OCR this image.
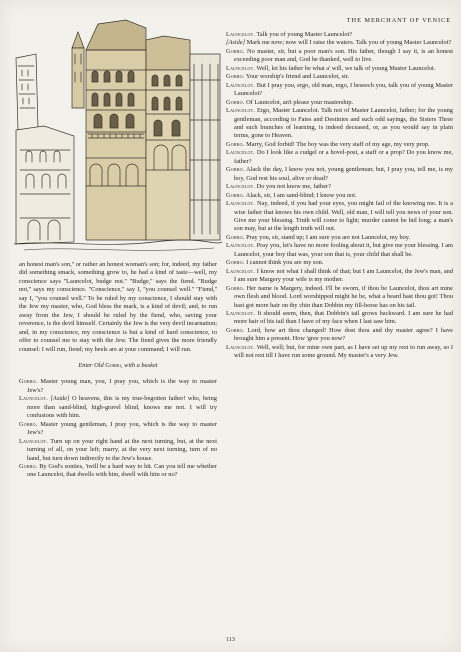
THE MERCHANT OF VENICE

an honest man's son,'' or rather an honest woman's son; for, indeed, my father did something smack, something grow to, he had a kind of taste—well, my conscience says ''Launcelot, budge not.'' ''Budge,'' says the fiend. ''Budge not,'' says my conscience. ''Conscience,'' say I, ''you counsel well.'' ''Fiend,'' say I, ''you counsel well.'' To be ruled by my conscience, I should stay with the Jew my master, who, God bless the mark, is a kind of devil; and, to run away from the Jew, I should be ruled by the fiend, who, saving your reverence, is the devil himself. Certainly the Jew is the very devil incarnation; and, in my conscience, my conscience is but a kind of hard conscience, to offer to counsel me to stay with the Jew. The fiend gives the more friendly counsel: I will run, fiend; my heels are at your command; I will run.

Enter Old Gobbo, with a basket

Gobbo. Master young man, you, I pray you, which is the way to master Jew's?

Launcelot. [Aside] O heavens, this is my true-begotten father! who, being more than sand-blind, high-gravel blind, knows me not. I will try confusions with him.

Gobbo. Master young gentleman, I pray you, which is the way to master Jew's?

Launcelot. Turn up on your right hand at the next turning, but, at the next turning of all, on your left; marry, at the very next turning, turn of no hand, but turn down indirectly to the Jew's house.

Gobbo. By God's sonties, 'twill be a hard way to hit. Can you tell me whether one Launcelot, that dwells with him, dwell with him or no?

Launcelot. Talk you of young Master Launcelot?

[Aside] Mark me now; now will I raise the waters. Talk you of young Master Launcelot?

Gobbo. No master, sir, but a poor man's son. His father, though I say it, is an honest exceeding poor man and, God be thanked, well to live.

Launcelot. Well, let his father be what a' will, we talk of young Master Launcelot.

Gobbo. Your worship's friend and Launcelot, sir.

Launcelot. But I pray you, ergo, old man, ergo, I beseech you, talk you of young Master Launcelot?

Gobbo. Of Launcelot, an't please your mastership.

Launcelot. Ergo, Master Launcelot. Talk not of Master Launcelot, father; for the young gentleman, according to Fates and Destinies and such odd sayings, the Sisters Three and such branches of learning, is indeed deceased, or, as you would say in plain terms, gone to Heaven.

Gobbo. Marry, God forbid! The boy was the very staff of my age, my very prop.

Launcelot. Do I look like a cudgel or a hovel-post, a staff or a prop? Do you know me, father?

Gobbo. Alack the day, I know you not, young gentleman; but, I pray you, tell me, is my boy, God rest his soul, alive or dead?

Launcelot. Do you not know me, father?

Gobbo. Alack, sir, I am sand-blind; I know you not.

Launcelot. Nay, indeed, if you had your eyes, you might fail of the knowing me. It is a wise father that knows his own child. Well, old man, I will tell you news of your son. Give me your blessing. Truth will come to light; murder cannot be hid long; a man's son may, but at the length truth will out.

Gobbo. Pray you, sir, stand up; I am sure you are not Launcelot, my boy.

Launcelot. Pray you, let's have no more fooling about it, but give me your blessing. I am Launcelot, your boy that was, your son that is, your child that shall be.

Gobbo. I cannot think you are my son.

Launcelot. I know not what I shall think of that; but I am Launcelot, the Jew's man, and I am sure Margery your wife is my mother.

Gobbo. Her name is Margery, indeed. I'll be sworn, if thou be Launcelot, thou art mine own flesh and blood. Lord worshipped might he be, what a beard hast thou got! Thou hast got more hair on thy chin than Dobbin my fill-horse has on his tail.

Launcelot. It should seem, then, that Dobbin's tail grows backward. I am sure he had more hair of his tail than I have of my face when I last saw him.

Gobbo. Lord, how art thou changed! How dost thou and thy master agree? I have brought him a present. How 'gree you now?

Launcelot. Well, well; but, for mine own part, as I have set up my rest to run away, so I will not rest till I have run some ground. My master's a very Jew.

113
